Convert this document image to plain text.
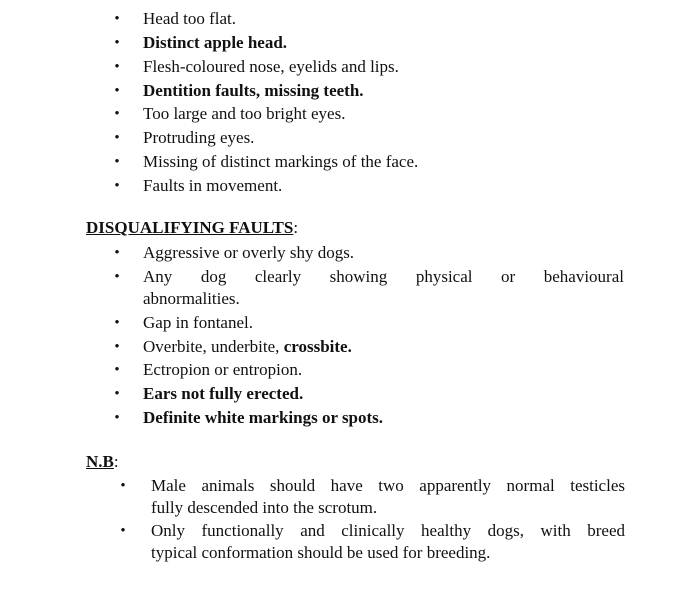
• Head too flat.
• Distinct apple head.
• Flesh-coloured nose, eyelids and lips.
• Dentition faults, missing teeth.
• Too large and too bright eyes.
• Protruding eyes.
• Missing of distinct markings of the face.
• Faults in movement.
DISQUALIFYING FAULTS:
• Aggressive or overly shy dogs.
• Any dog clearly showing physical or behavioural
abnormalities.
• Gap in fontanel.
• Overbite, underbite, crossbite.
• Ectropion or entropion.
• Ears not fully erected.
• Definite white markings or spots.
N.B:
• Male animals should have two apparently normal testicles
fully descended into the scrotum.
• Only functionally and clinically healthy dogs, with breed
typical conformation should be used for breeding.
